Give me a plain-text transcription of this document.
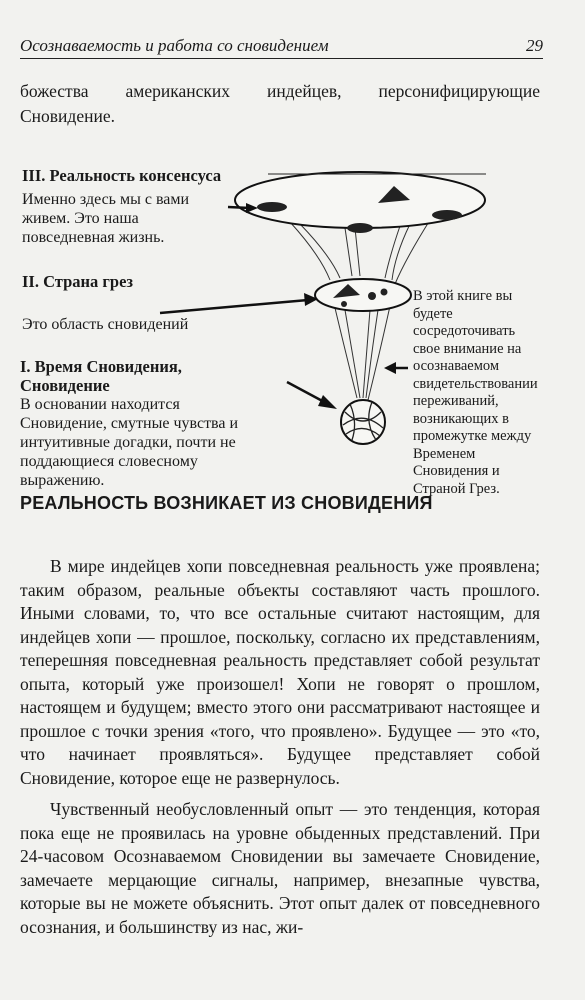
Осознаваемость и работа со сновидением	29
божества американских индейцев, персонифицирующие Сновидение.
III. Реальность консенсуса
Именно здесь мы с вами живем. Это наша повседневная жизнь.
II. Страна грез
Это область сновидений
I. Время Сновидения, Сновидение
В основании находится Сновидение, смутные чувства и интуитивные догадки, почти не поддающиеся словесному выражению.
В этой книге вы будете сосредоточивать свое внимание на осознаваемом свидетельствовании переживаний, возникающих в промежутке между Временем Сновидения и Страной Грез.
РЕАЛЬНОСТЬ ВОЗНИКАЕТ ИЗ СНОВИДЕНИЯ

В мире индейцев хопи повседневная реальность уже проявлена; таким образом, реальные объекты составляют часть прошлого. Иными словами, то, что все остальные считают настоящим, для индейцев хопи — прошлое, поскольку, согласно их представлениям, теперешняя повседневная реальность представляет собой результат опыта, который уже произошел! Хопи не говорят о прошлом, настоящем и будущем; вместо этого они рассматривают настоящее и прошлое с точки зрения «того, что проявлено». Будущее — это «то, что начинает проявляться». Будущее представляет собой Сновидение, которое еще не развернулось.

Чувственный необусловленный опыт — это тенденция, которая пока еще не проявилась на уровне обыденных представлений. При 24-часовом Осознаваемом Сновидении вы замечаете Сновидение, замечаете мерцающие сигналы, например, внезапные чувства, которые вы не можете объяснить. Этот опыт далек от повседневного осознания, и большинству из нас, жи-
